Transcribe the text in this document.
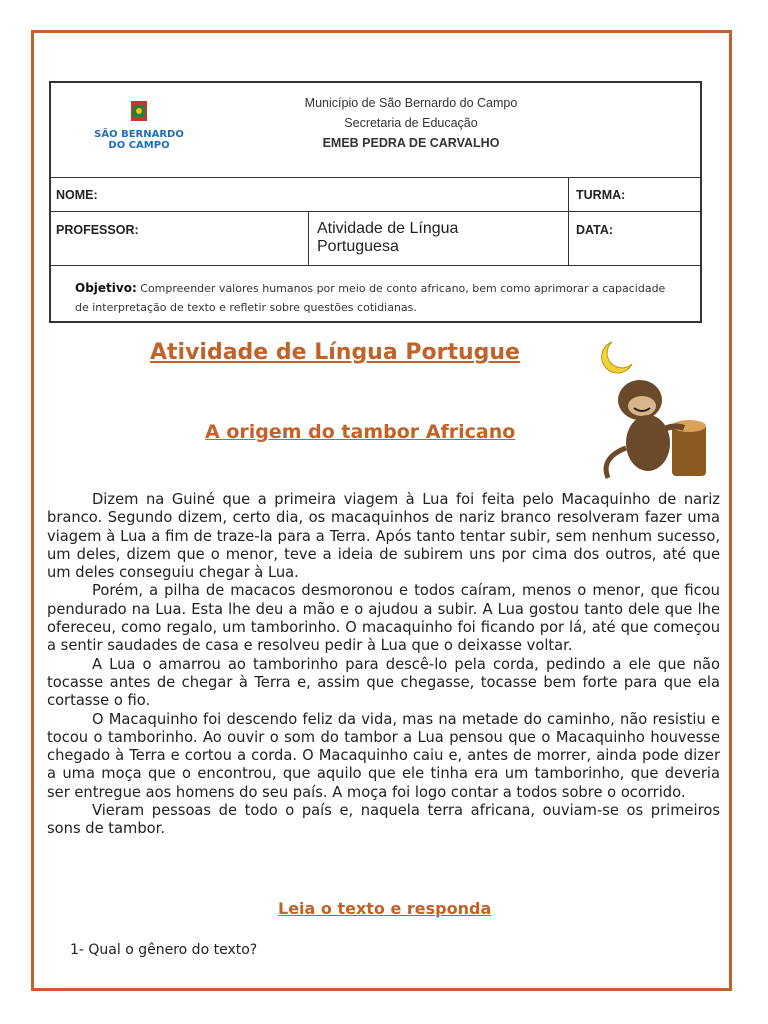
SÃO BERNARDO
DO CAMPO
Município de São Bernardo do Campo
Secretaria de Educação
EMEB PEDRA DE CARVALHO
NOME:	TURMA:
PROFESSOR:	Atividade de Língua
Portuguesa
DATA:
Objetivo: Compreender valores humanos por meio de conto africano, bem como aprimorar a capacidade de interpretação de texto e refletir sobre questões cotidianas.
Atividade de Língua Portugue
A origem do tambor Africano

Dizem na Guiné que a primeira viagem à Lua foi feita pelo Macaquinho de nariz branco. Segundo dizem, certo dia, os macaquinhos de nariz branco resolveram fazer uma viagem à Lua a fim de traze-la para a Terra. Após tanto tentar subir, sem nenhum sucesso, um deles, dizem que o menor, teve a ideia de subirem uns por cima dos outros, até que um deles conseguiu chegar à Lua.

Porém, a pilha de macacos desmoronou e todos caíram, menos o menor, que ficou pendurado na Lua. Esta lhe deu a mão e o ajudou a subir. A Lua gostou tanto dele que lhe ofereceu, como regalo, um tamborinho. O macaquinho foi ficando por lá, até que começou a sentir saudades de casa e resolveu pedir à Lua que o deixasse voltar.

A Lua o amarrou ao tamborinho para descê-lo pela corda, pedindo a ele que não tocasse antes de chegar à Terra e, assim que chegasse, tocasse bem forte para que ela cortasse o fio.

O Macaquinho foi descendo feliz da vida, mas na metade do caminho, não resistiu e tocou o tamborinho. Ao ouvir o som do tambor a Lua pensou que o Macaquinho houvesse chegado à Terra e cortou a corda. O Macaquinho caiu e, antes de morrer, ainda pode dizer a uma moça que o encontrou, que aquilo que ele tinha era um tamborinho, que deveria ser entregue aos homens do seu país. A moça foi logo contar a todos sobre o ocorrido.

Vieram pessoas de todo o país e, naquela terra africana, ouviam-se os primeiros sons de tambor.

Leia o texto e responda
1- Qual o gênero do texto?
